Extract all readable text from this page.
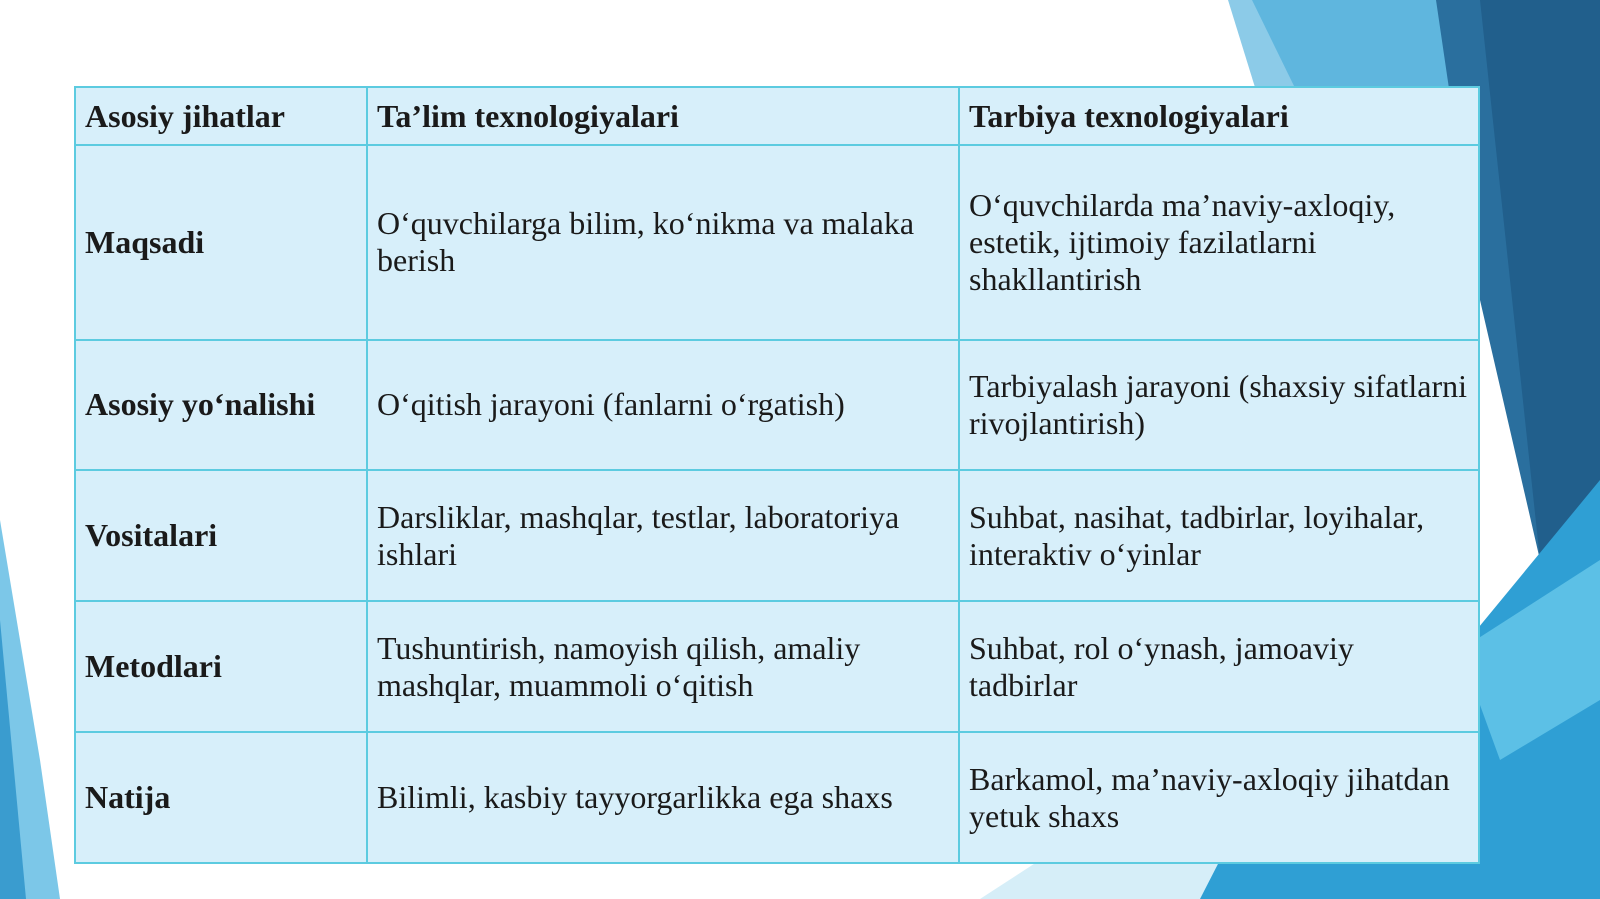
Asosiy jihatlar	Ta’lim texnologiyalari	Tarbiya texnologiyalari
Maqsadi	O‘quvchilarga bilim, ko‘nikma va malaka berish	O‘quvchilarda ma’naviy-axloqiy, estetik, ijtimoiy fazilatlarni shakllantirish
Asosiy yo‘nalishi	O‘qitish jarayoni (fanlarni o‘rgatish)	Tarbiyalash jarayoni (shaxsiy sifatlarni rivojlantirish)
Vositalari	Darsliklar, mashqlar, testlar, laboratoriya ishlari	Suhbat, nasihat, tadbirlar, loyihalar, interaktiv o‘yinlar
Metodlari	Tushuntirish, namoyish qilish, amaliy mashqlar, muammoli o‘qitish	Suhbat, rol o‘ynash, jamoaviy tadbirlar
Natija	Bilimli, kasbiy tayyorgarlikka ega shaxs	Barkamol, ma’naviy-axloqiy jihatdan yetuk shaxs
